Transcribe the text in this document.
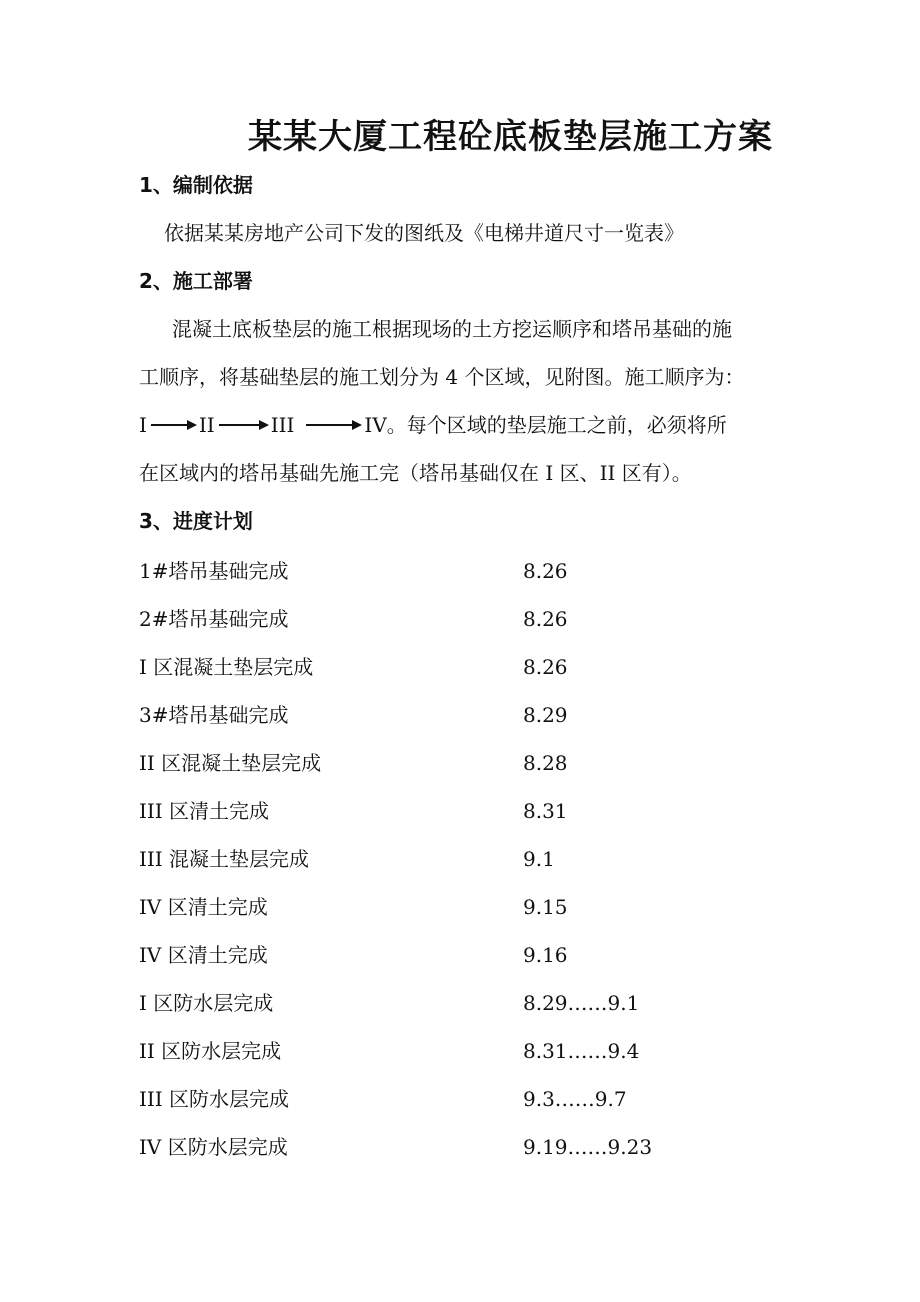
某某大厦工程砼底板垫层施工方案
1、编制依据
依据某某房地产公司下发的图纸及《电梯井道尺寸一览表》
2、施工部署
混凝土底板垫层的施工根据现场的土方挖运顺序和塔吊基础的施
工顺序，将基础垫层的施工划分为 4 个区域，见附图。施工顺序为：
I	II	III	IV 。每个区域的垫层施工之前，必须将所
在区域内的塔吊基础先施工完（塔吊基础仅在 I 区、II 区有）。
3、进度计划
1#塔吊基础完成	8.26
2#塔吊基础完成	8.26
I 区混凝土垫层完成	8.26
3#塔吊基础完成	8.29
II 区混凝土垫层完成	8.28
III 区清土完成	8.31
III 混凝土垫层完成	9.1
IV 区清土完成	9.15
IV 区清土完成	9.16
I 区防水层完成	8.29……9.1
II 区防水层完成	8.31……9.4
III 区防水层完成	9.3……9.7
IV 区防水层完成	9.19……9.23
